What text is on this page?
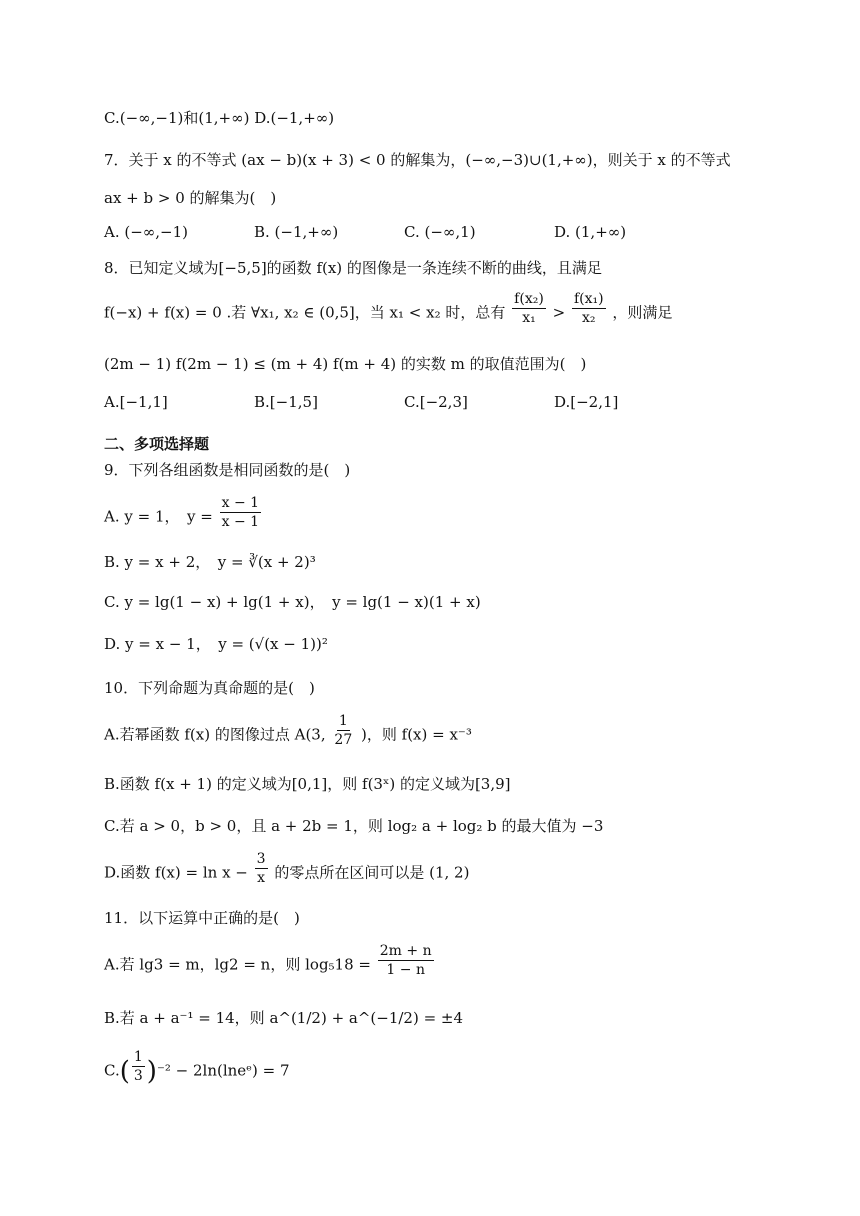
C.(−∞,−1)和(1,+∞) D.(−1,+∞)
7．关于 x 的不等式 (ax − b)(x + 3) < 0 的解集为，(−∞,−3)∪(1,+∞)，则关于 x 的不等式
ax + b > 0 的解集为(　)
A. (−∞,−1)	B. (−1,+∞)	C. (−∞,1)	D. (1,+∞)
8．已知定义域为[−5,5]的函数 f(x) 的图像是一条连续不断的曲线，且满足
f(−x) + f(x) = 0 .若 ∀x₁, x₂ ∈ (0,5]，当 x₁ < x₂ 时，总有 $\frac{\text{f(x₂)}}{\text{x₁}} > \frac{\text{f(x₁)}}{\text{x₂}}$ ，则满足
(2m − 1) f(2m − 1) ≤ (m + 4) f(m + 4) 的实数 m 的取值范围为(　)
A.[−1,1]	B.[−1,5]	C.[−2,3]	D.[−2,1]
二、多项选择题
9．下列各组函数是相同函数的是(　)
A. y = 1，　$y = \frac{x - 1}{x - 1}$
B. y = x + 2，　y = ∛(x + 2)³
C. y = lg(1 − x) + lg(1 + x)，　y = lg(1 − x)(1 + x)
D. y = x − 1，　y = (√(x − 1))²
10．下列命题为真命题的是(　)
A.若幂函数 f(x) 的图像过点 A(3, $\frac{1}{27}$ )，则 f(x) = x⁻³
B.函数 f(x + 1) 的定义域为[0,1]，则 f(3ˣ) 的定义域为[3,9]
C.若 a > 0，b > 0，且 a + 2b = 1，则 log₂ a + log₂ b 的最大值为 −3
D.函数 $f(x) = \ln x - \frac{3}{x}$ 的零点所在区间可以是 (1, 2)
11．以下运算中正确的是(　)
A.若 lg3 = m，lg2 = n，则 $\log_518 = \frac{2m + n}{1 - n}$
B.若 a + a⁻¹ = 14，则 a^(1/2) + a^(−1/2) = ±4
$C.( \frac{1}{3} )^{-2}$ − 2ln(lneᵉ) = 7
